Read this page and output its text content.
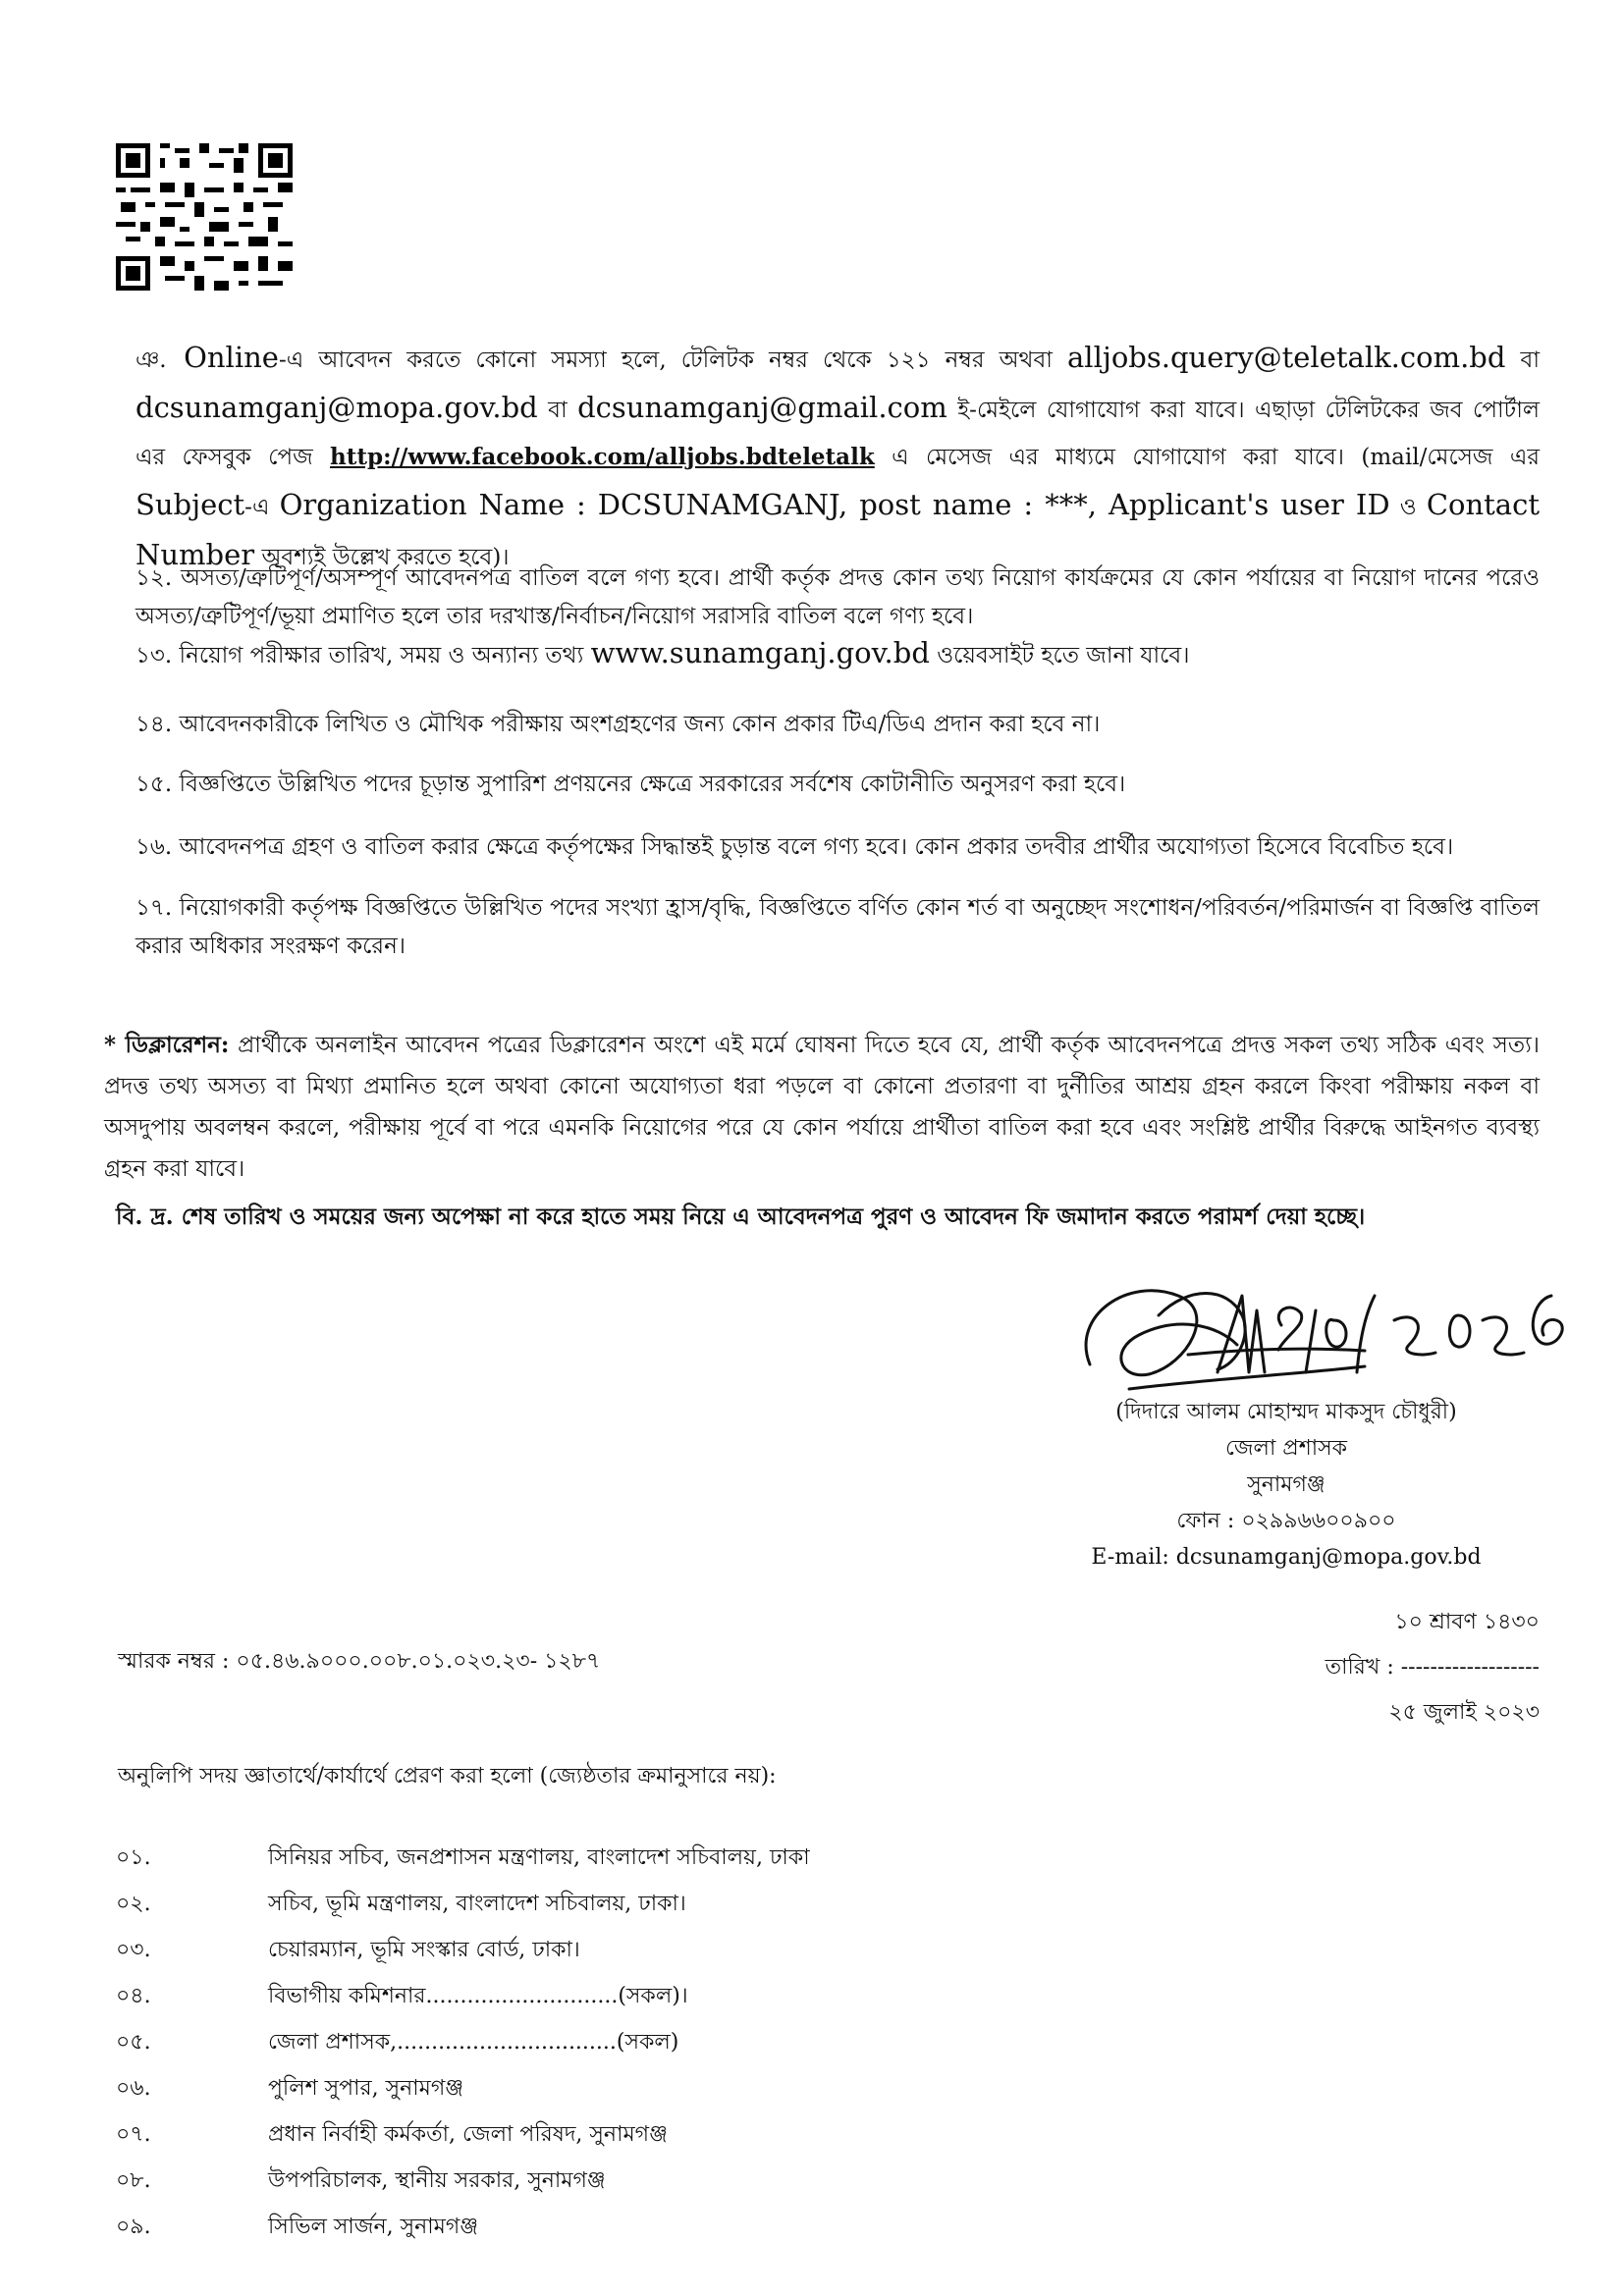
ঞ. Online-এ আবেদন করতে কোনো সমস্যা হলে, টেলিটক নম্বর থেকে ১২১ নম্বর অথবা alljobs.query@teletalk.com.bd বা dcsunamganj@mopa.gov.bd বা dcsunamganj@gmail.com ই-মেইলে যোগাযোগ করা যাবে। এছাড়া টেলিটকের জব পোর্টাল এর ফেসবুক পেজ http://www.facebook.com/alljobs.bdteletalk এ মেসেজ এর মাধ্যমে যোগাযোগ করা যাবে। (mail/মেসেজ এর Subject-এ Organization Name : DCSUNAMGANJ, post name : ***, Applicant's user ID ও Contact Number অবশ্যই উল্লেখ করতে হবে)।
১২. অসত্য/ত্রুটিপূর্ণ/অসম্পূর্ণ আবেদনপত্র বাতিল বলে গণ্য হবে। প্রার্থী কর্তৃক প্রদত্ত কোন তথ্য নিয়োগ কার্যক্রমের যে কোন পর্যায়ের বা নিয়োগ দানের পরেও অসত্য/ত্রুটিপূর্ণ/ভূয়া প্রমাণিত হলে তার দরখাস্ত/নির্বাচন/নিয়োগ সরাসরি বাতিল বলে গণ্য হবে।
১৩. নিয়োগ পরীক্ষার তারিখ, সময় ও অন্যান্য তথ্য www.sunamganj.gov.bd ওয়েবসাইট হতে জানা যাবে।
১৪. আবেদনকারীকে লিখিত ও মৌখিক পরীক্ষায় অংশগ্রহণের জন্য কোন প্রকার টিএ/ডিএ প্রদান করা হবে না।
১৫. বিজ্ঞপ্তিতে উল্লিখিত পদের চূড়ান্ত সুপারিশ প্রণয়নের ক্ষেত্রে সরকারের সর্বশেষ কোটানীতি অনুসরণ করা হবে।
১৬. আবেদনপত্র গ্রহণ ও বাতিল করার ক্ষেত্রে কর্তৃপক্ষের সিদ্ধান্তই চুড়ান্ত বলে গণ্য হবে। কোন প্রকার তদবীর প্রার্থীর অযোগ্যতা হিসেবে বিবেচিত হবে।
১৭. নিয়োগকারী কর্তৃপক্ষ বিজ্ঞপ্তিতে উল্লিখিত পদের সংখ্যা হ্রাস/বৃদ্ধি, বিজ্ঞপ্তিতে বর্ণিত কোন শর্ত বা অনুচ্ছেদ সংশোধন/পরিবর্তন/পরিমার্জন বা বিজ্ঞপ্তি বাতিল করার অধিকার সংরক্ষণ করেন।
* ডিক্লারেশন: প্রার্থীকে অনলাইন আবেদন পত্রের ডিক্লারেশন অংশে এই মর্মে ঘোষনা দিতে হবে যে, প্রার্থী কর্তৃক আবেদনপত্রে প্রদত্ত সকল তথ্য সঠিক এবং সত্য। প্রদত্ত তথ্য অসত্য বা মিথ্যা প্রমানিত হলে অথবা কোনো অযোগ্যতা ধরা পড়লে বা কোনো প্রতারণা বা দুর্নীতির আশ্রয় গ্রহন করলে কিংবা পরীক্ষায় নকল বা অসদুপায় অবলম্বন করলে, পরীক্ষায় পূর্বে বা পরে এমনকি নিয়োগের পরে যে কোন পর্যায়ে প্রার্থীতা বাতিল করা হবে এবং সংশ্লিষ্ট প্রার্থীর বিরুদ্ধে আইনগত ব্যবস্থ্য গ্রহন করা যাবে।
বি. দ্র. শেষ তারিখ ও সময়ের জন্য অপেক্ষা না করে হাতে সময় নিয়ে এ আবেদনপত্র পুরণ ও আবেদন ফি জমাদান করতে পরামর্শ দেয়া হচ্ছে।
(দিদারে আলম মোহাম্মদ মাকসুদ চৌধুরী)
জেলা প্রশাসক
সুনামগঞ্জ
ফোন : ০২৯৯৬৬০০৯০০
E-mail: dcsunamganj@mopa.gov.bd
স্মারক নম্বর : ০৫.৪৬.৯০০০.০০৮.০১.০২৩.২৩- ১২৮৭
১০ শ্রাবণ ১৪৩০
তারিখ : -------------------
২৫ জুলাই ২০২৩
অনুলিপি সদয় জ্ঞাতার্থে/কার্যার্থে প্রেরণ করা হলো (জ্যেষ্ঠতার ক্রমানুসারে নয়):
০১.	সিনিয়র সচিব, জনপ্রশাসন মন্ত্রণালয়, বাংলাদেশ সচিবালয়, ঢাকা
০২.	সচিব, ভূমি মন্ত্রণালয়, বাংলাদেশ সচিবালয়, ঢাকা।
০৩.	চেয়ারম্যান, ভূমি সংস্কার বোর্ড, ঢাকা।
০৪.	বিভাগীয় কমিশনার............................(সকল)।
০৫.	জেলা প্রশাসক,................................(সকল)
০৬.	পুলিশ সুপার, সুনামগঞ্জ
০৭.	প্রধান নির্বাহী কর্মকর্তা, জেলা পরিষদ, সুনামগঞ্জ
০৮.	উপপরিচালক, স্থানীয় সরকার, সুনামগঞ্জ
০৯.	সিভিল সার্জন, সুনামগঞ্জ
